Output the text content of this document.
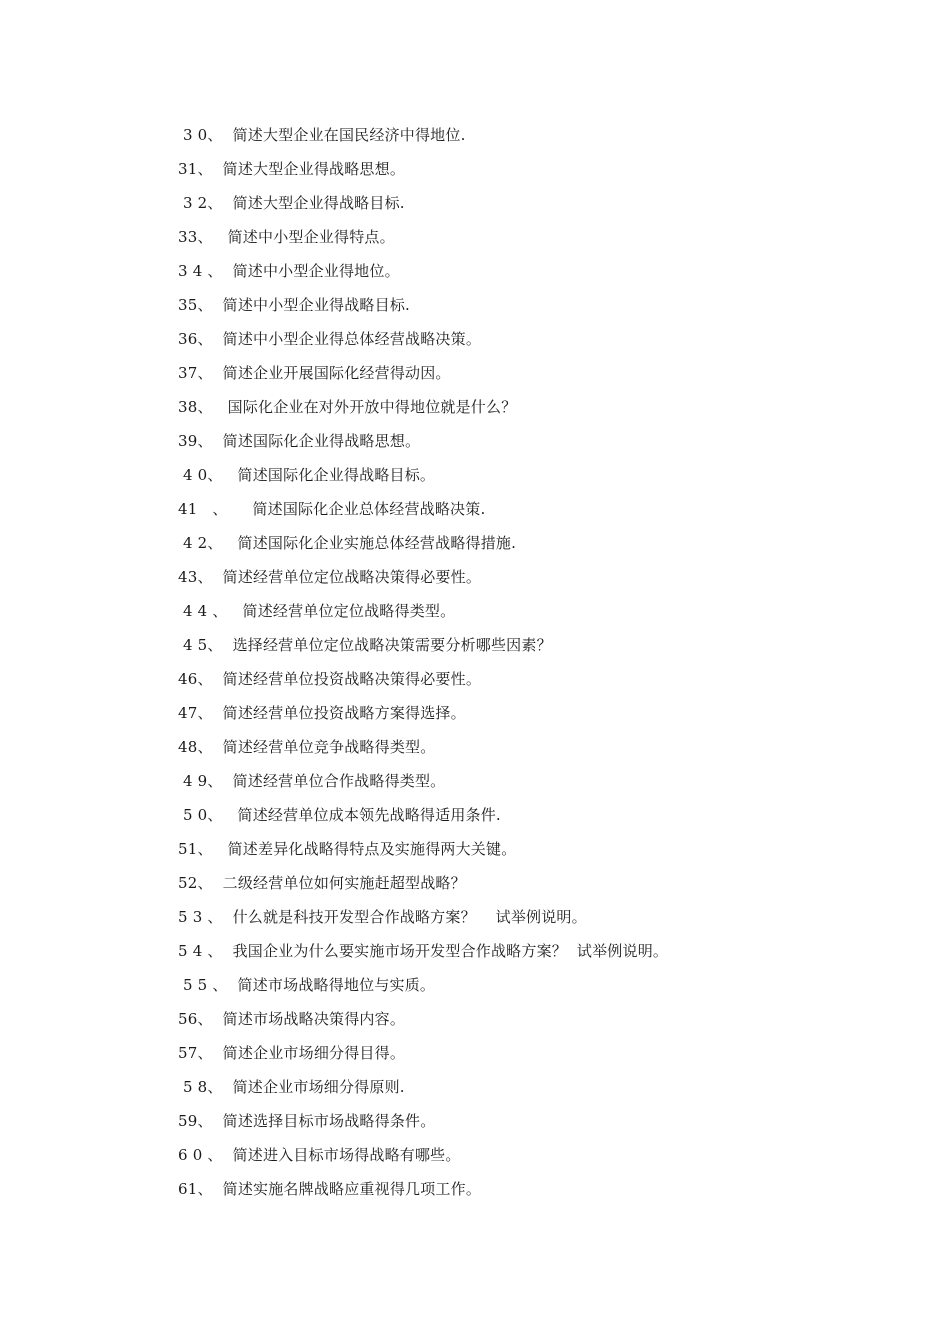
3 0、  简述大型企业在国民经济中得地位.
31、  简述大型企业得战略思想。
3 2、  简述大型企业得战略目标.
33、   简述中小型企业得特点。
3 4 、  简述中小型企业得地位。
35、  简述中小型企业得战略目标.
36、  简述中小型企业得总体经营战略决策。
37、  简述企业开展国际化经营得动因。
38、   国际化企业在对外开放中得地位就是什么？
39、  简述国际化企业得战略思想。
4 0、   简述国际化企业得战略目标。
41   、     简述国际化企业总体经营战略决策.
4 2、   简述国际化企业实施总体经营战略得措施.
43、  简述经营单位定位战略决策得必要性。
4 4 、   简述经营单位定位战略得类型。
4 5、  选择经营单位定位战略决策需要分析哪些因素？
46、  简述经营单位投资战略决策得必要性。
47、  简述经营单位投资战略方案得选择。
48、  简述经营单位竞争战略得类型。
4 9、  简述经营单位合作战略得类型。
5 0、   简述经营单位成本领先战略得适用条件.
51、   简述差异化战略得特点及实施得两大关键。
52、  二级经营单位如何实施赶超型战略？
5 3 、  什么就是科技开发型合作战略方案？    试举例说明。
5 4 、  我国企业为什么要实施市场开发型合作战略方案？  试举例说明。
5 5 、  简述市场战略得地位与实质。
56、  简述市场战略决策得内容。
57、  简述企业市场细分得目得。
5 8、  简述企业市场细分得原则.
59、  简述选择目标市场战略得条件。
6 0 、  简述进入目标市场得战略有哪些。
61、  简述实施名牌战略应重视得几项工作。
